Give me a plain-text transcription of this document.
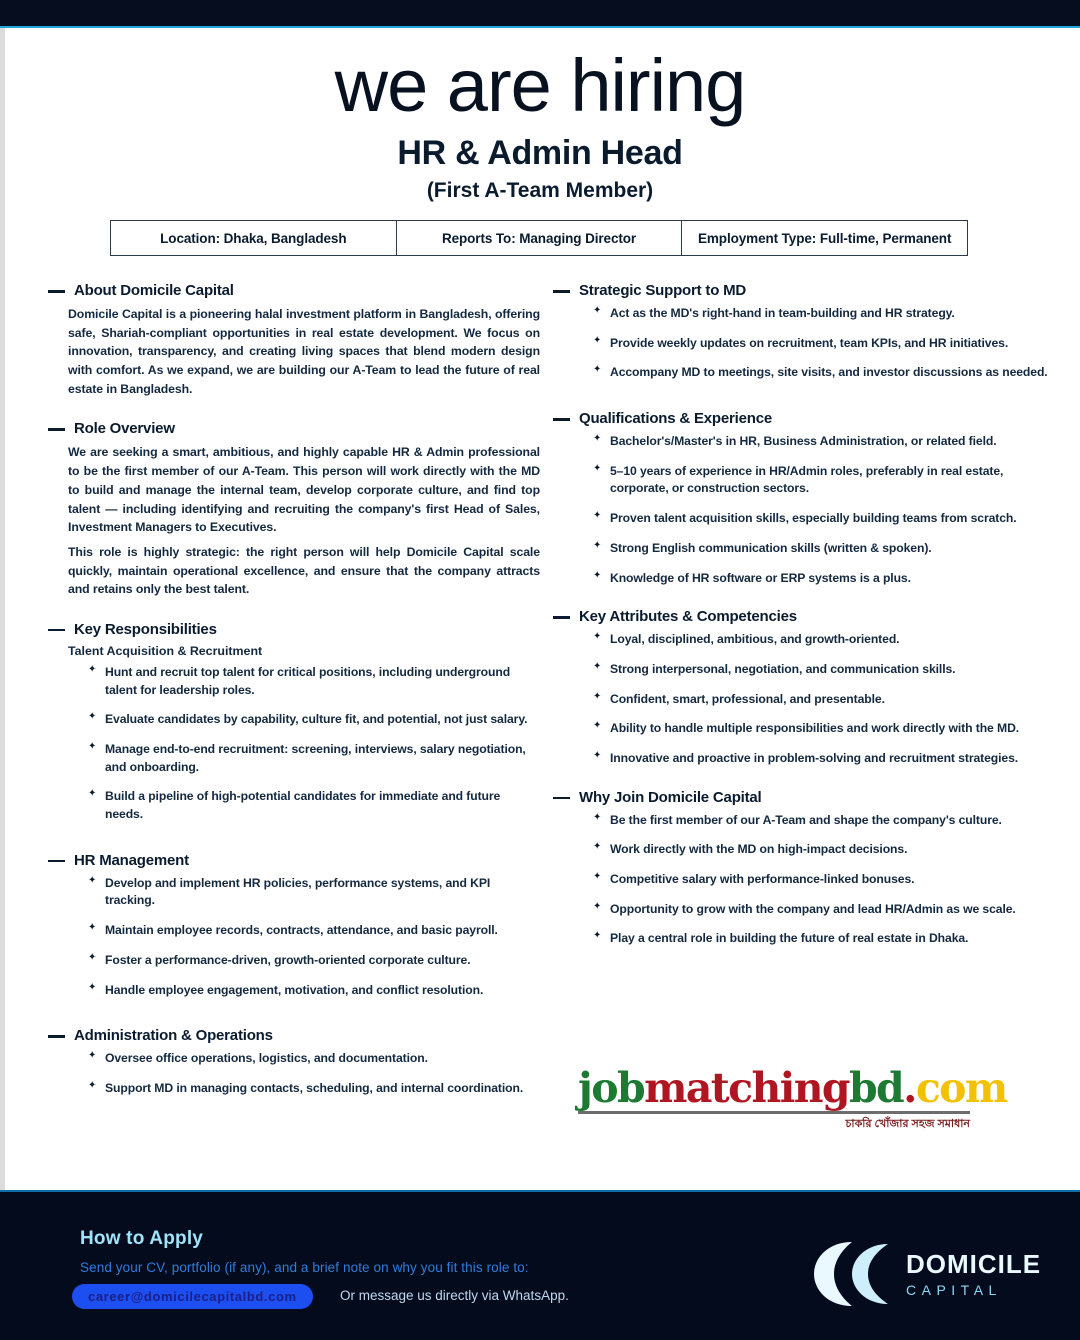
we are hiring
HR & Admin Head
(First A-Team Member)
Location: Dhaka, Bangladesh	Reports To: Managing Director	Employment Type: Full-time, Permanent
About Domicile Capital

Domicile Capital is a pioneering halal investment platform in Bangladesh, offering safe, Shariah-compliant opportunities in real estate development. We focus on innovation, transparency, and creating living spaces that blend modern design with comfort. As we expand, we are building our A-Team to lead the future of real estate in Bangladesh.

Role Overview

We are seeking a smart, ambitious, and highly capable HR & Admin professional to be the first member of our A-Team. This person will work directly with the MD to build and manage the internal team, develop corporate culture, and find top talent — including identifying and recruiting the company's first Head of Sales, Investment Managers to Executives.

This role is highly strategic: the right person will help Domicile Capital scale quickly, maintain operational excellence, and ensure that the company attracts and retains only the best talent.

Key Responsibilities
Talent Acquisition & Recruitment
✦ Hunt and recruit top talent for critical positions, including underground talent for leadership roles.
✦ Evaluate candidates by capability, culture fit, and potential, not just salary.
✦ Manage end-to-end recruitment: screening, interviews, salary negotiation, and onboarding.
✦ Build a pipeline of high-potential candidates for immediate and future needs.
HR Management
✦ Develop and implement HR policies, performance systems, and KPI tracking.
✦ Maintain employee records, contracts, attendance, and basic payroll.
✦ Foster a performance-driven, growth-oriented corporate culture.
✦ Handle employee engagement, motivation, and conflict resolution.
Administration & Operations
✦ Oversee office operations, logistics, and documentation.
✦ Support MD in managing contacts, scheduling, and internal coordination.
Strategic Support to MD
✦ Act as the MD's right-hand in team-building and HR strategy.
✦ Provide weekly updates on recruitment, team KPIs, and HR initiatives.
✦ Accompany MD to meetings, site visits, and investor discussions as needed.
Qualifications & Experience
✦ Bachelor's/Master's in HR, Business Administration, or related field.
✦ 5–10 years of experience in HR/Admin roles, preferably in real estate, corporate, or construction sectors.
✦ Proven talent acquisition skills, especially building teams from scratch.
✦ Strong English communication skills (written & spoken).
✦ Knowledge of HR software or ERP systems is a plus.
Key Attributes & Competencies
✦ Loyal, disciplined, ambitious, and growth-oriented.
✦ Strong interpersonal, negotiation, and communication skills.
✦ Confident, smart, professional, and presentable.
✦ Ability to handle multiple responsibilities and work directly with the MD.
✦ Innovative and proactive in problem-solving and recruitment strategies.
Why Join Domicile Capital
✦ Be the first member of our A-Team and shape the company's culture.
✦ Work directly with the MD on high-impact decisions.
✦ Competitive salary with performance-linked bonuses.
✦ Opportunity to grow with the company and lead HR/Admin as we scale.
✦ Play a central role in building the future of real estate in Dhaka.
jobmatchingbd.com
চাকরি খোঁজার সহজ সমাধান
How to Apply
Send your CV, portfolio (if any), and a brief note on why you fit this role to:
career@domicilecapitalbd.com	Or message us directly via WhatsApp.
DOMICILE
CAPITAL
